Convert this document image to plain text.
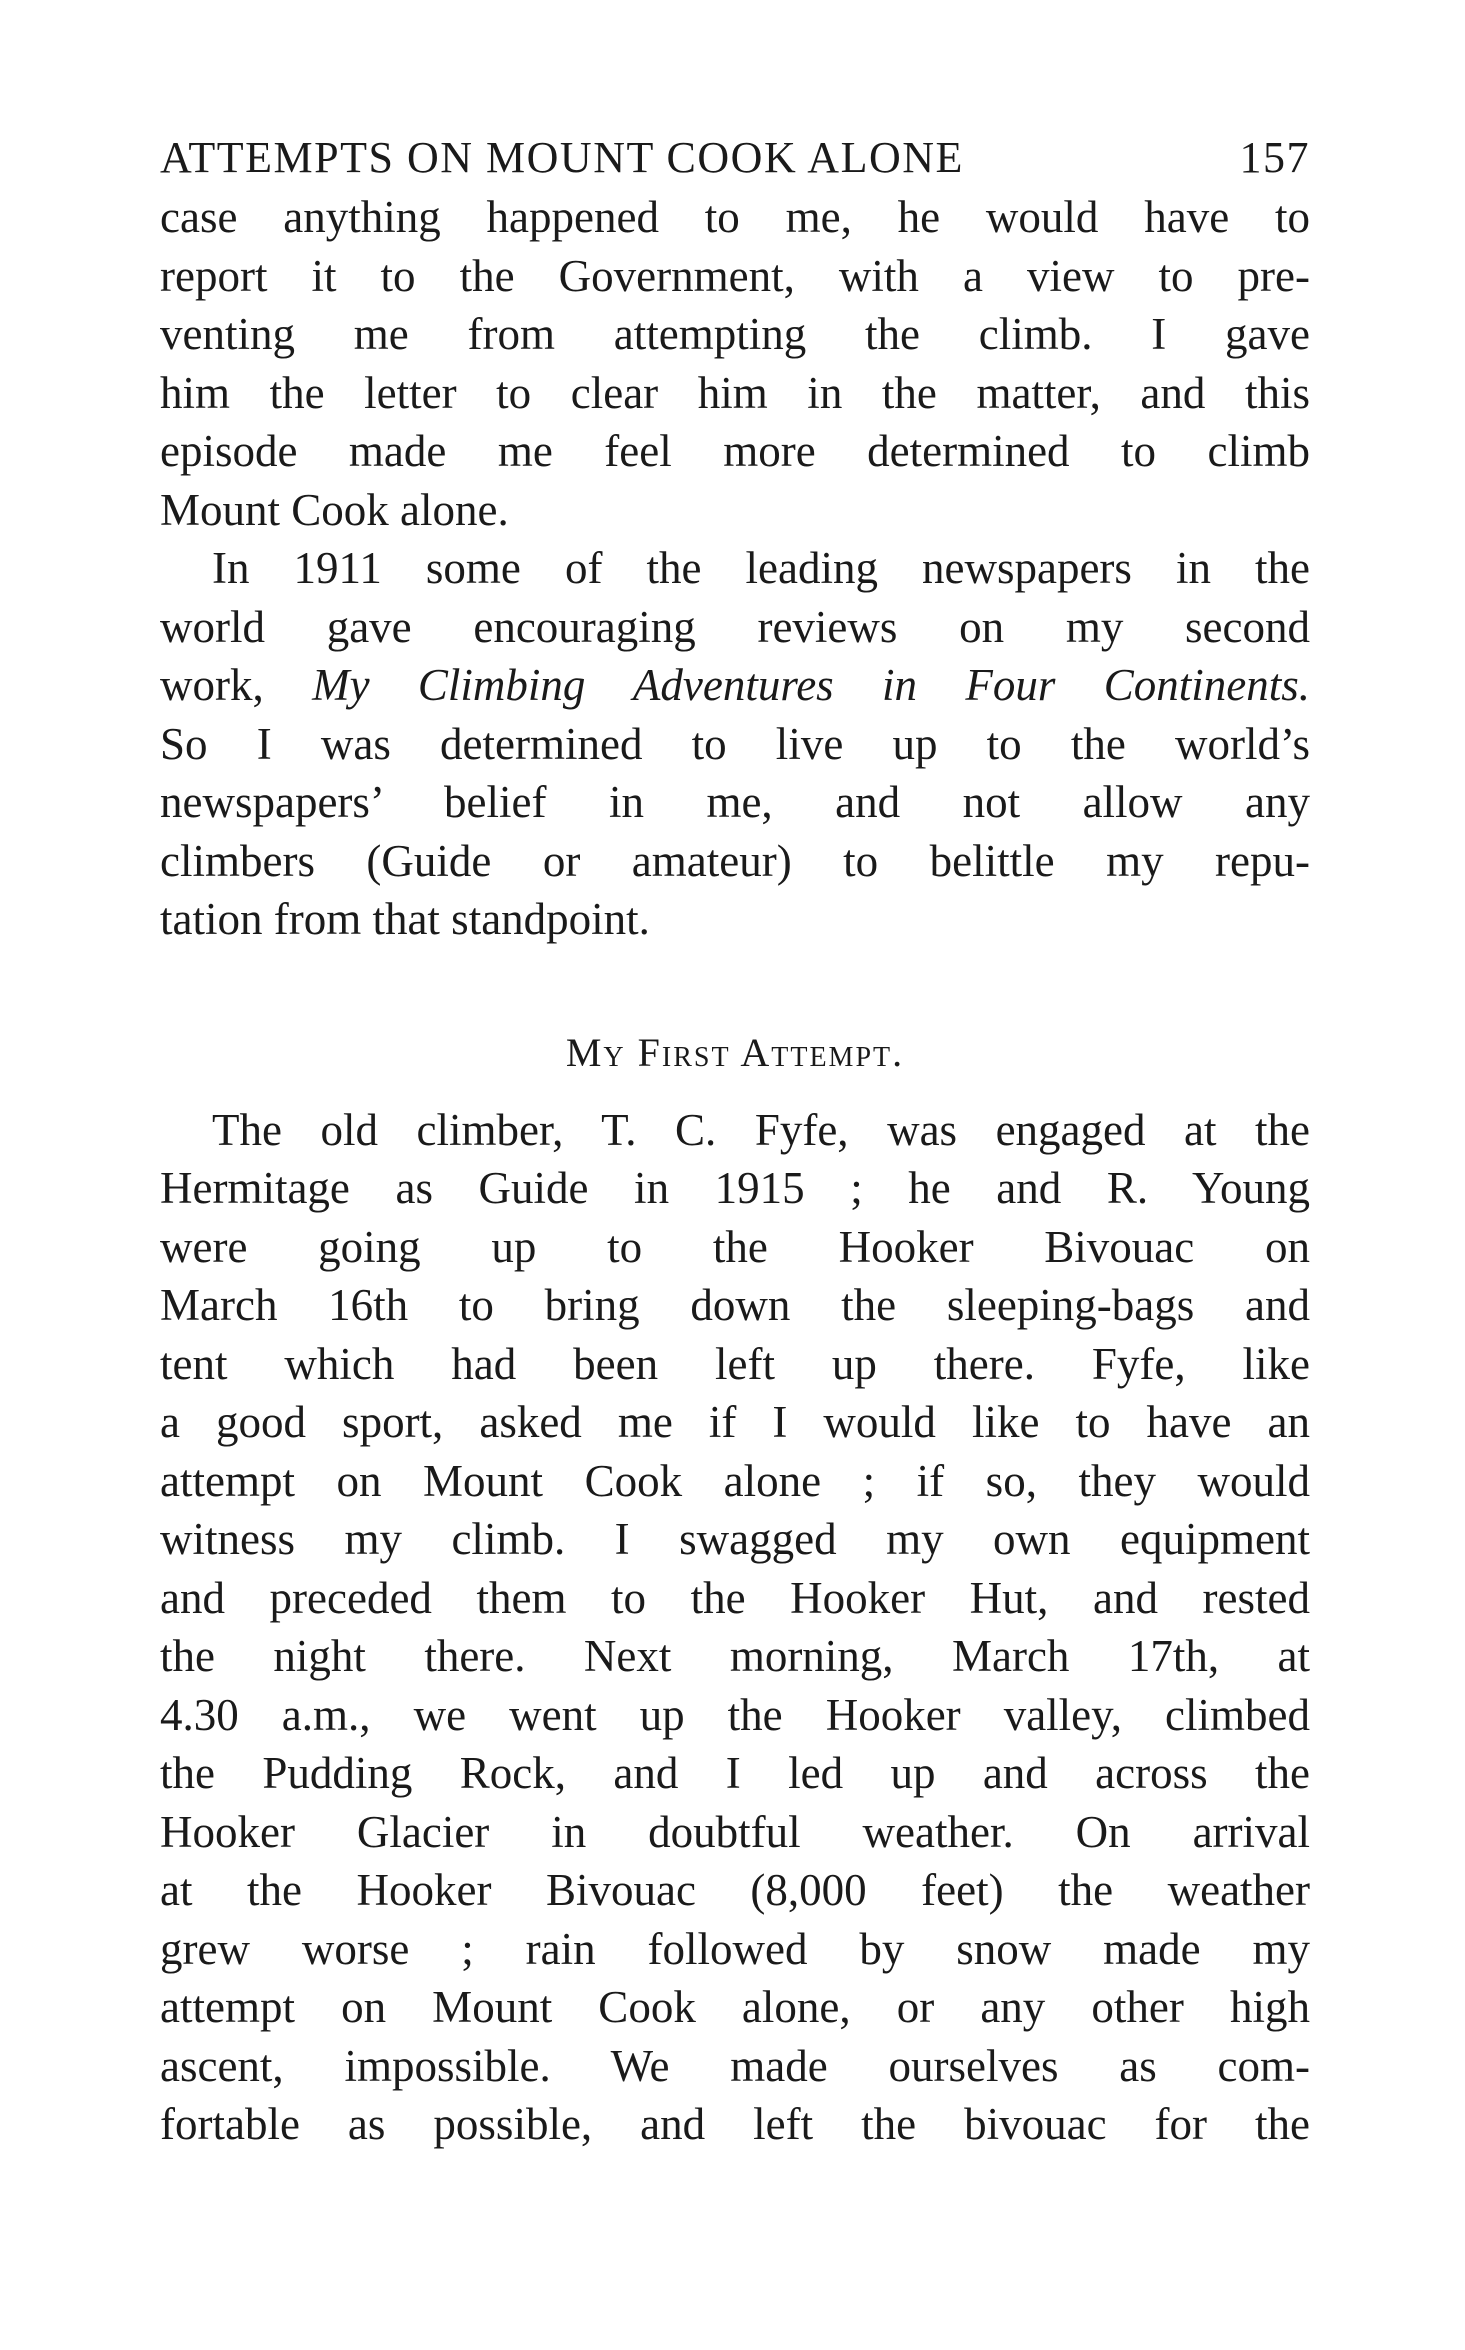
ATTEMPTS ON MOUNT COOK ALONE	157
case anything happened to me, he would have to
report it to the Government, with a view to pre-
venting me from attempting the climb. I gave
him the letter to clear him in the matter, and this
episode made me feel more determined to climb
Mount Cook alone.
In 1911 some of the leading newspapers in the
world gave encouraging reviews on my second
work, My Climbing Adventures in Four Continents.
So I was determined to live up to the world’s
newspapers’ belief in me, and not allow any
climbers (Guide or amateur) to belittle my repu-
tation from that standpoint.
My First Attempt.
The old climber, T. C. Fyfe, was engaged at the
Hermitage as Guide in 1915 ; he and R. Young
were going up to the Hooker Bivouac on
March 16th to bring down the sleeping-bags and
tent which had been left up there. Fyfe, like
a good sport, asked me if I would like to have an
attempt on Mount Cook alone ; if so, they would
witness my climb. I swagged my own equipment
and preceded them to the Hooker Hut, and rested
the night there. Next morning, March 17th, at
4.30 a.m., we went up the Hooker valley, climbed
the Pudding Rock, and I led up and across the
Hooker Glacier in doubtful weather. On arrival
at the Hooker Bivouac (8,000 feet) the weather
grew worse ; rain followed by snow made my
attempt on Mount Cook alone, or any other high
ascent, impossible. We made ourselves as com-
fortable as possible, and left the bivouac for the
